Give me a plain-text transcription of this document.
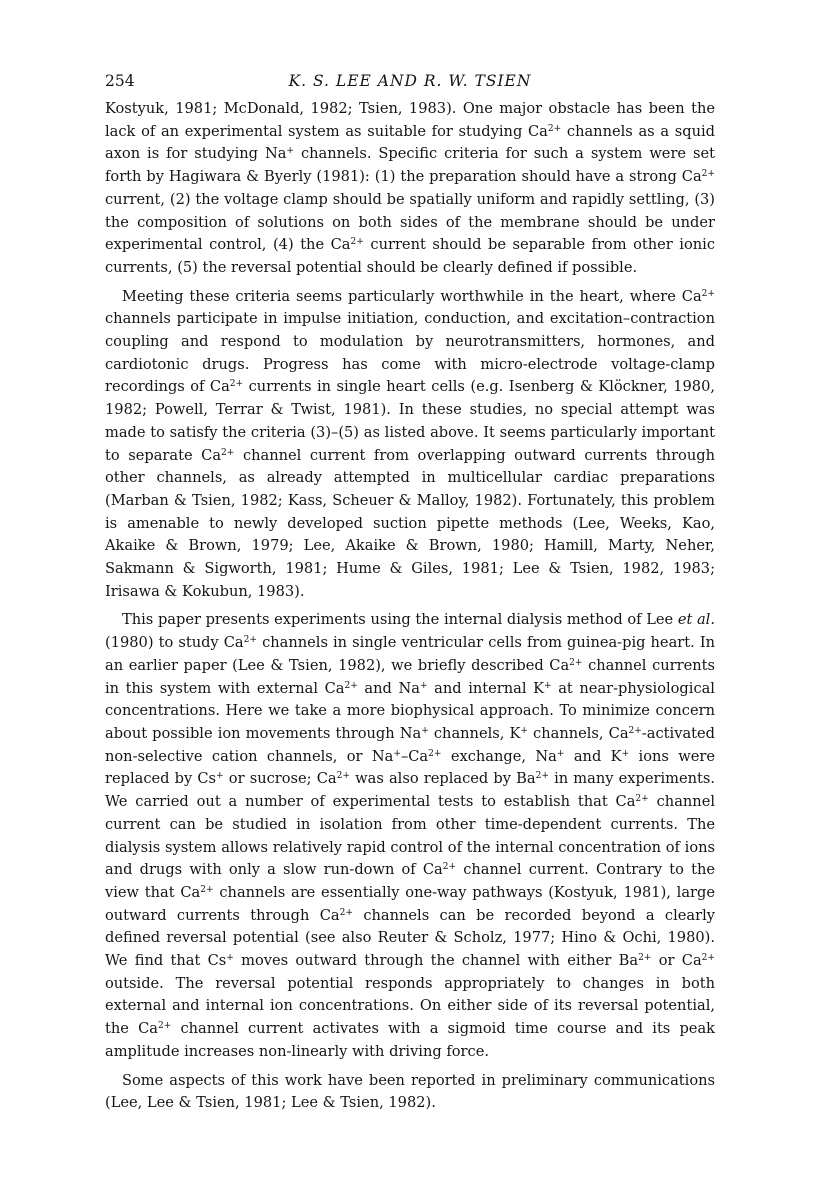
254	K. S. LEE AND R. W. TSIEN

Kostyuk, 1981; McDonald, 1982; Tsien, 1983). One major obstacle has been the lack of an experimental system as suitable for studying $Ca^{2+}$ channels as a squid axon is for studying Na+ channels. Specific criteria for such a system were set forth by Hagiwara & Byerly (1981): (1) the preparation should have a strong $Ca^{2+}$ current, (2) the voltage clamp should be spatially uniform and rapidly settling, (3) the composition of solutions on both sides of the membrane should be under experimental control, (4) the $Ca^{2+}$ current should be separable from other ionic currents, (5) the reversal potential should be clearly defined if possible.

Meeting these criteria seems particularly worthwhile in the heart, where $Ca^{2+}$ channels participate in impulse initiation, conduction, and excitation–contraction coupling and respond to modulation by neurotransmitters, hormones, and cardiotonic drugs. Progress has come with micro-electrode voltage-clamp recordings of $Ca^{2+}$ currents in single heart cells (e.g. Isenberg & Klöckner, 1980, 1982; Powell, Terrar & Twist, 1981). In these studies, no special attempt was made to satisfy the criteria (3)–(5) as listed above. It seems particularly important to separate $Ca^{2+}$ channel current from overlapping outward currents through other channels, as already attempted in multicellular cardiac preparations (Marban & Tsien, 1982; Kass, Scheuer & Malloy, 1982). Fortunately, this problem is amenable to newly developed suction pipette methods (Lee, Weeks, Kao, Akaike & Brown, 1979; Lee, Akaike & Brown, 1980; Hamill, Marty, Neher, Sakmann & Sigworth, 1981; Hume & Giles, 1981; Lee & Tsien, 1982, 1983; Irisawa & Kokubun, 1983).

This paper presents experiments using the internal dialysis method of Lee et al. (1980) to study $Ca^{2+}$ channels in single ventricular cells from guinea-pig heart. In an earlier paper (Lee & Tsien, 1982), we briefly described $Ca^{2+}$ channel currents in this system with external $Ca^{2+}$ and Na+ and internal K+ at near-physiological concentrations. Here we take a more biophysical approach. To minimize concern about possible ion movements through Na+ channels, K+ channels, $Ca^{2+}$-activated non-selective cation channels, or $Na^+-Ca^{2+}$ exchange, Na+ and K+ ions were replaced by Cs+ or sucrose; $Ca^{2+}$ was also replaced by $Ba^{2+}$ in many experiments. We carried out a number of experimental tests to establish that $Ca^{2+}$ channel current can be studied in isolation from other time-dependent currents. The dialysis system allows relatively rapid control of the internal concentration of ions and drugs with only a slow run-down of $Ca^{2+}$ channel current. Contrary to the view that $Ca^{2+}$ channels are essentially one-way pathways (Kostyuk, 1981), large outward currents through $Ca^{2+}$ channels can be recorded beyond a clearly defined reversal potential (see also Reuter & Scholz, 1977; Hino & Ochi, 1980). We find that Cs+ moves outward through the channel with either $Ba^{2+}$ or $Ca^{2+}$ outside. The reversal potential responds appropriately to changes in both external and internal ion concentrations. On either side of its reversal potential, the $Ca^{2+}$ channel current activates with a sigmoid time course and its peak amplitude increases non-linearly with driving force.

Some aspects of this work have been reported in preliminary communications (Lee, Lee & Tsien, 1981; Lee & Tsien, 1982).
